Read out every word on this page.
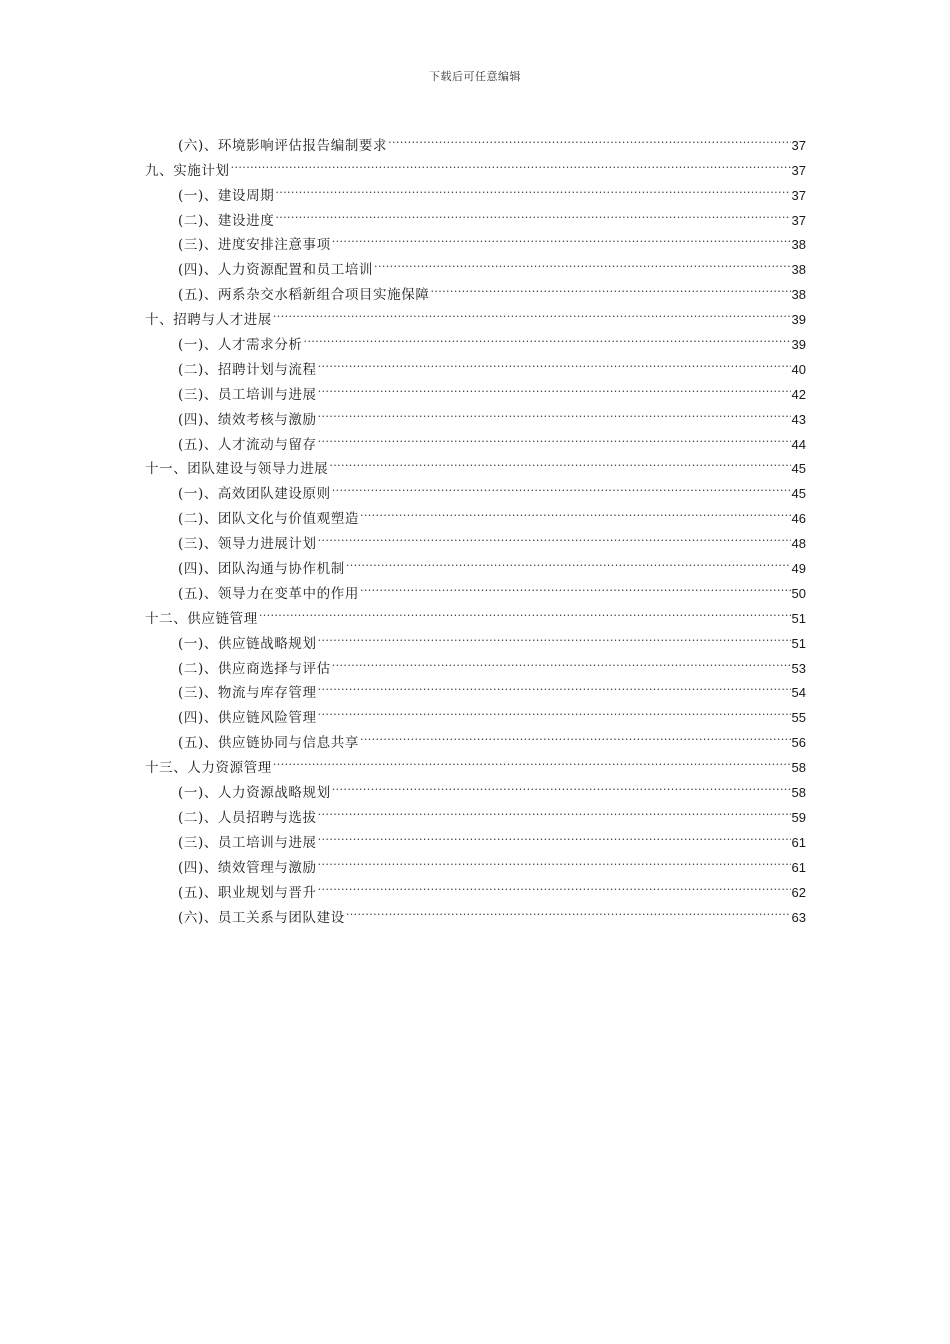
下载后可任意编辑
(六)、环境影响评估报告编制要求 .....	37
九、实施计划 .....	37
(一)、建设周期 .....	37
(二)、建设进度 .....	37
(三)、进度安排注意事项 .....	38
(四)、人力资源配置和员工培训 .....	38
(五)、两系杂交水稻新组合项目实施保障 .....	38
十、招聘与人才进展 .....	39
(一)、人才需求分析 .....	39
(二)、招聘计划与流程 .....	40
(三)、员工培训与进展 .....	42
(四)、绩效考核与激励 .....	43
(五)、人才流动与留存 .....	44
十一、团队建设与领导力进展 .....	45
(一)、高效团队建设原则 .....	45
(二)、团队文化与价值观塑造 .....	46
(三)、领导力进展计划 .....	48
(四)、团队沟通与协作机制 .....	49
(五)、领导力在变革中的作用 .....	50
十二、供应链管理 .....	51
(一)、供应链战略规划 .....	51
(二)、供应商选择与评估 .....	53
(三)、物流与库存管理 .....	54
(四)、供应链风险管理 .....	55
(五)、供应链协同与信息共享 .....	56
十三、人力资源管理 .....	58
(一)、人力资源战略规划 .....	58
(二)、人员招聘与选拔 .....	59
(三)、员工培训与进展 .....	61
(四)、绩效管理与激励 .....	61
(五)、职业规划与晋升 .....	62
(六)、员工关系与团队建设 .....	63
